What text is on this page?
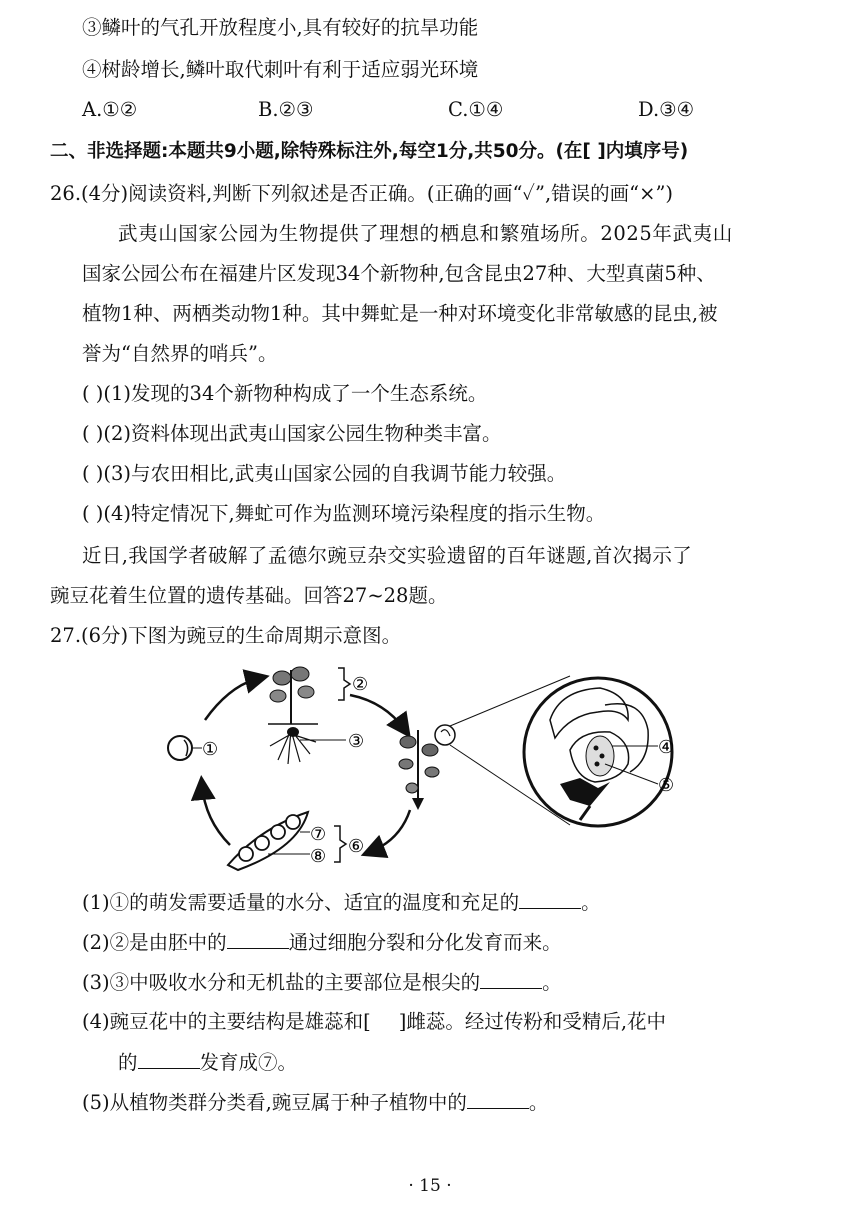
③鳞叶的气孔开放程度小,具有较好的抗旱功能
④树龄增长,鳞叶取代刺叶有利于适应弱光环境
A.①②	B.②③	C.①④	D.③④
二、非选择题:本题共9小题,除特殊标注外,每空1分,共50分。(在[ ]内填序号)
26.(4分)阅读资料,判断下列叙述是否正确。(正确的画“✓”,错误的画“×”)
武夷山国家公园为生物提供了理想的栖息和繁殖场所。2025年武夷山
国家公园公布在福建片区发现34个新物种,包含昆虫27种、大型真菌5种、
植物1种、两栖类动物1种。其中舞虻是一种对环境变化非常敏感的昆虫,被
誉为“自然界的哨兵”。
( )(1)发现的34个新物种构成了一个生态系统。
( )(2)资料体现出武夷山国家公园生物种类丰富。
( )(3)与农田相比,武夷山国家公园的自我调节能力较强。
( )(4)特定情况下,舞虻可作为监测环境污染程度的指示生物。
近日,我国学者破解了孟德尔豌豆杂交实验遗留的百年谜题,首次揭示了
豌豆花着生位置的遗传基础。回答27~28题。
27.(6分)下图为豌豆的生命周期示意图。
①
②
③	④
⑤
⑦
⑧ ⑥
(1)①的萌发需要适量的水分、适宜的温度和充足的	。
(2)②是由胚中的	通过细胞分裂和分化发育而来。
(3)③中吸收水分和无机盐的主要部位是根尖的	。
(4)豌豆花中的主要结构是雄蕊和[ ]雌蕊。经过传粉和受精后,花中
的	发育成⑦。
(5)从植物类群分类看,豌豆属于种子植物中的	。
· 15 ·
